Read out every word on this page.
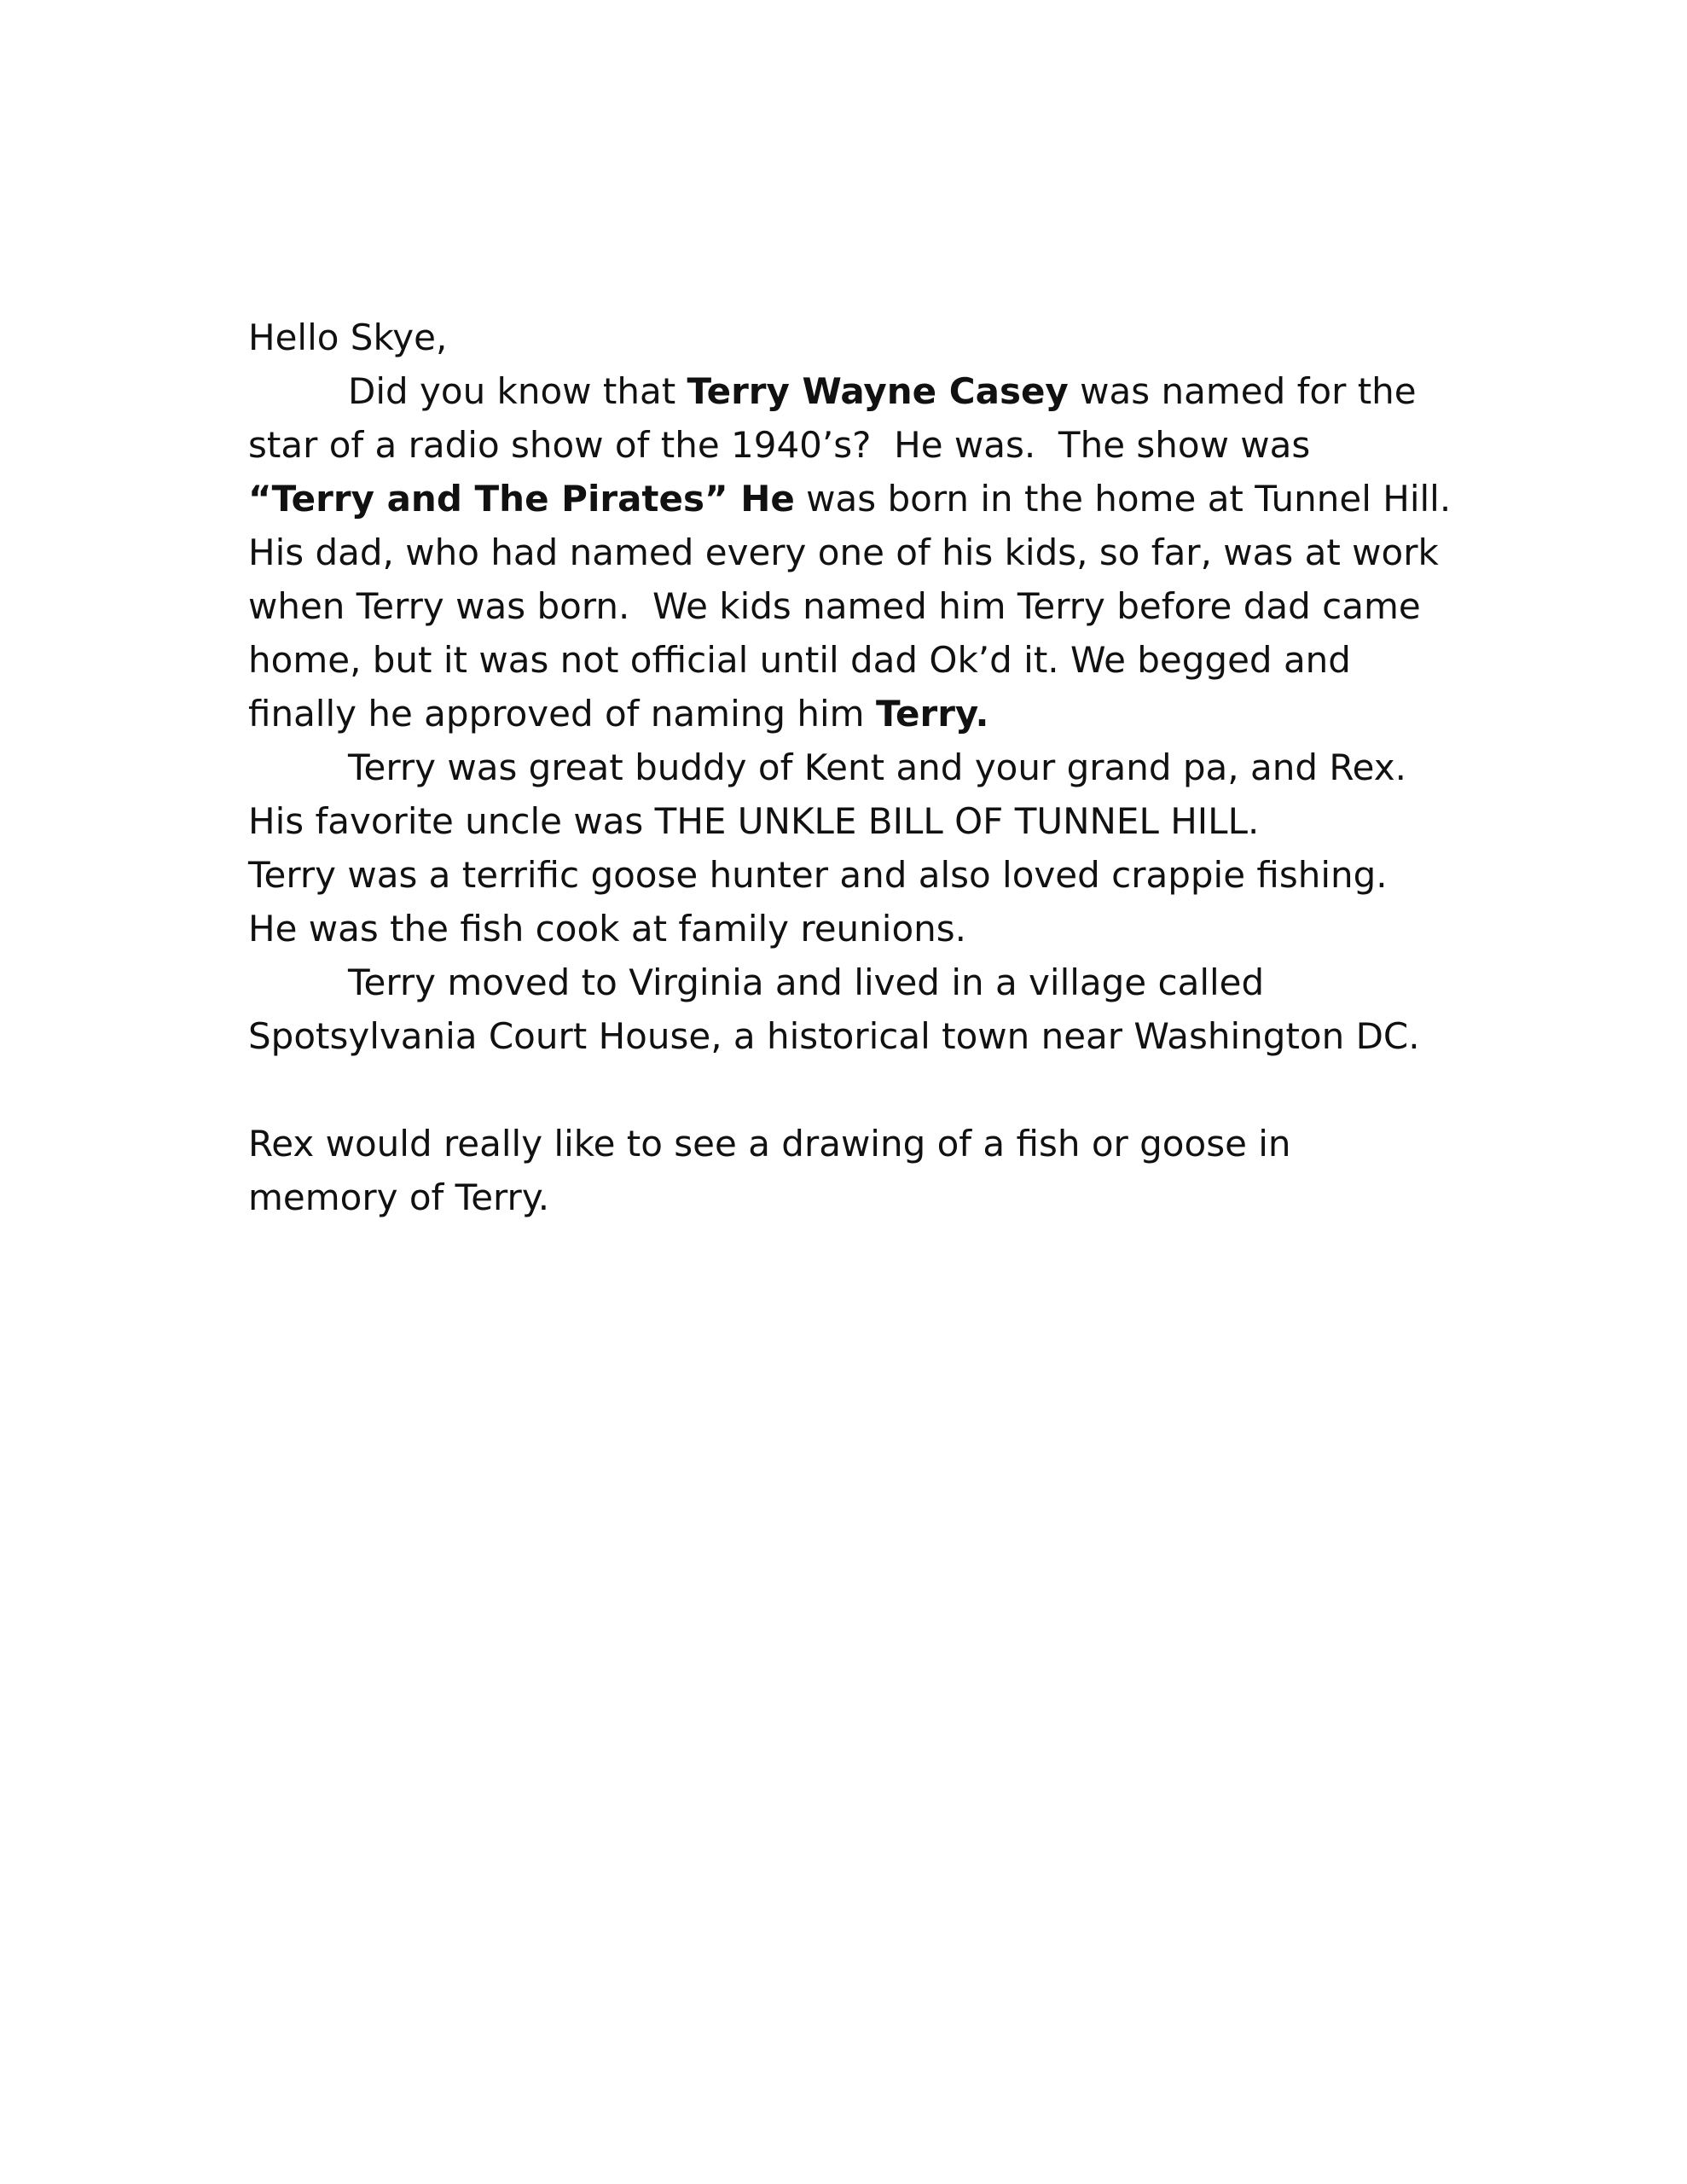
Hello Skye,
Did you know that Terry Wayne Casey was named for the
star of a radio show of the 1940’s?  He was.  The show was
“Terry and The Pirates” He was born in the home at Tunnel Hill.
His dad, who had named every one of his kids, so far, was at work
when Terry was born.  We kids named him Terry before dad came
home, but it was not official until dad Ok’d it. We begged and
finally he approved of naming him Terry.
Terry was great buddy of Kent and your grand pa, and Rex.
His favorite uncle was THE UNKLE BILL OF TUNNEL HILL.
Terry was a terrific goose hunter and also loved crappie fishing.
He was the fish cook at family reunions.
Terry moved to Virginia and lived in a village called
Spotsylvania Court House, a historical town near Washington DC.
Rex would really like to see a drawing of a fish or goose in
memory of Terry.
